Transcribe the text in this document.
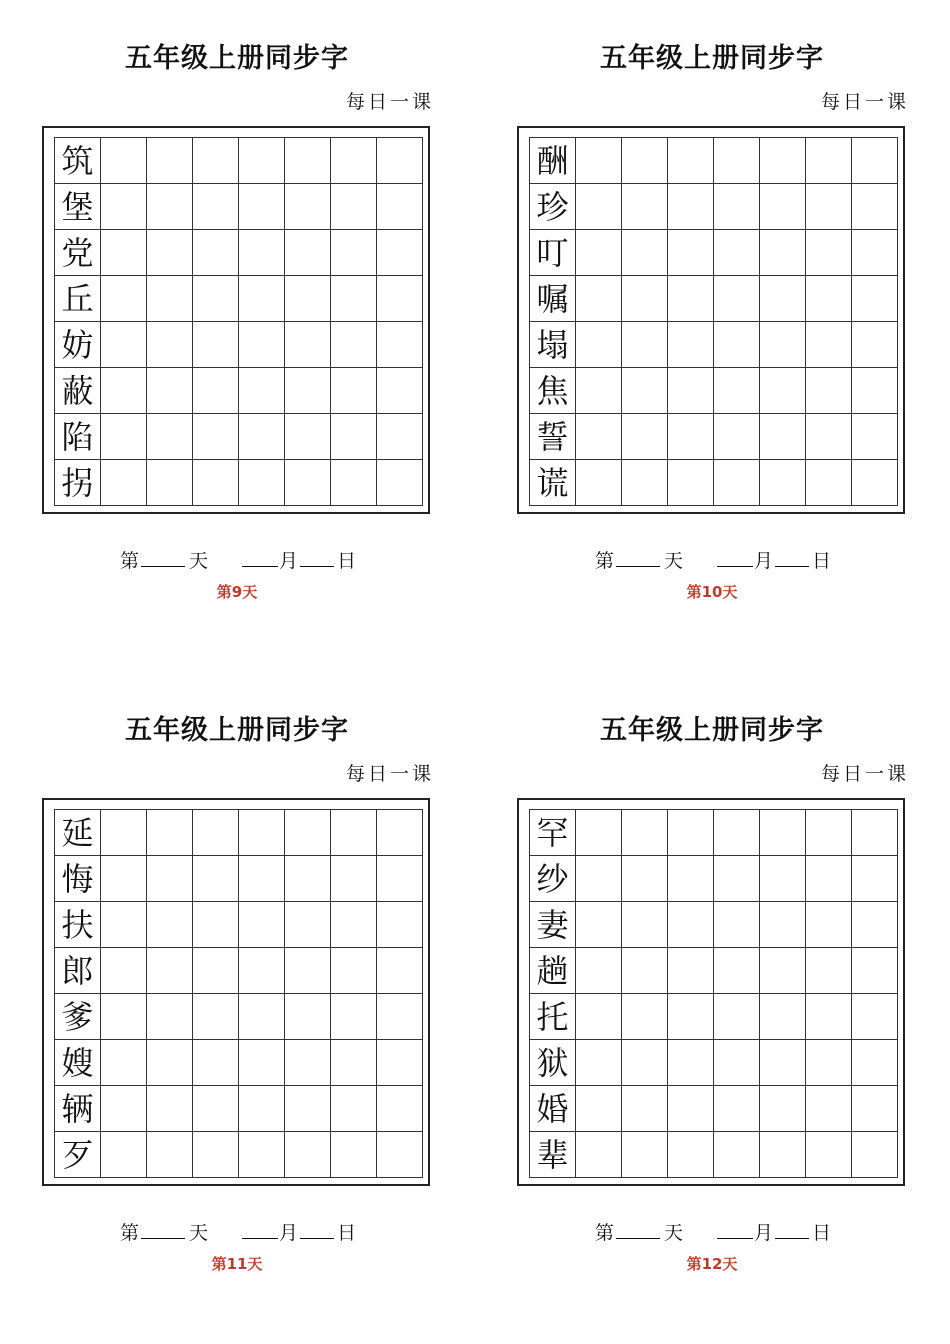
五年级上册同步字
每日一课
筑
堡
党
丘
妨
蔽
陷
拐
第	天	月 日
第9天
五年级上册同步字
每日一课
酬
珍
叮
嘱
塌
焦
誓
谎
第	天	月 日
第10天
五年级上册同步字
每日一课
延
悔
扶
郎
爹
嫂
辆
歹
第	天	月 日
第11天
五年级上册同步字
每日一课
罕
纱
妻
趟
托
狱
婚
辈
第	天	月 日
第12天
